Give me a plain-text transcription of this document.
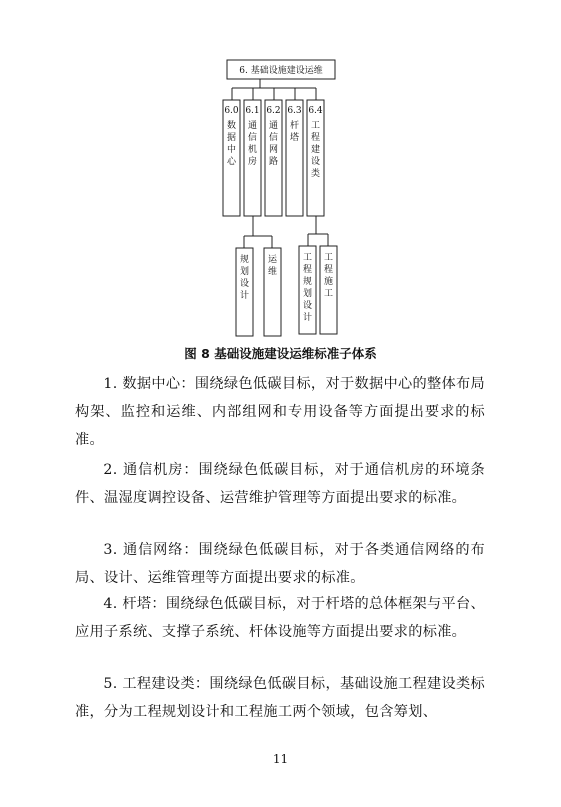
6. 基础设施建设运维
6.0
数据中心
6.1
通信机房
6.2
通信网路
6.3
杆塔
6.4
工程建设类
规划设计
运维
工程规划设计
工程施工
图 8 基础设施建设运维标准子体系

1. 数据中心：围绕绿色低碳目标，对于数据中心的整体布局构架、监控和运维、内部组网和专用设备等方面提出要求的标准。

2. 通信机房：围绕绿色低碳目标，对于通信机房的环境条件、温湿度调控设备、运营维护管理等方面提出要求的标准。

3. 通信网络：围绕绿色低碳目标，对于各类通信网络的布局、设计、运维管理等方面提出要求的标准。

4. 杆塔：围绕绿色低碳目标，对于杆塔的总体框架与平台、应用子系统、支撑子系统、杆体设施等方面提出要求的标准。

5. 工程建设类：围绕绿色低碳目标，基础设施工程建设类标准，分为工程规划设计和工程施工两个领域，包含筹划、

11
